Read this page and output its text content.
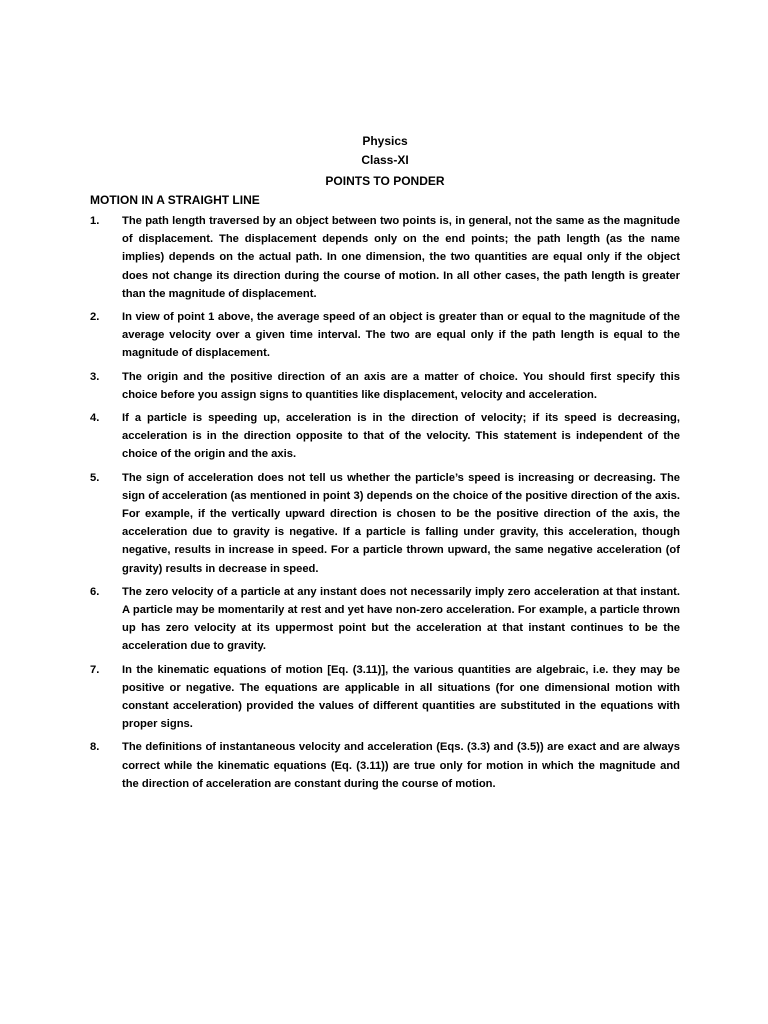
Physics
Class-XI
POINTS TO PONDER
MOTION IN A STRAIGHT LINE
1. The path length traversed by an object between two points is, in general, not the same as the magnitude of displacement. The displacement depends only on the end points; the path length (as the name implies) depends on the actual path. In one dimension, the two quantities are equal only if the object does not change its direction during the course of motion. In all other cases, the path length is greater than the magnitude of displacement.
2. In view of point 1 above, the average speed of an object is greater than or equal to the magnitude of the average velocity over a given time interval. The two are equal only if the path length is equal to the magnitude of displacement.
3. The origin and the positive direction of an axis are a matter of choice. You should first specify this choice before you assign signs to quantities like displacement, velocity and acceleration.
4. If a particle is speeding up, acceleration is in the direction of velocity; if its speed is decreasing, acceleration is in the direction opposite to that of the velocity. This statement is independent of the choice of the origin and the axis.
5. The sign of acceleration does not tell us whether the particle’s speed is increasing or decreasing. The sign of acceleration (as mentioned in point 3) depends on the choice of the positive direction of the axis. For example, if the vertically upward direction is chosen to be the positive direction of the axis, the acceleration due to gravity is negative. If a particle is falling under gravity, this acceleration, though negative, results in increase in speed. For a particle thrown upward, the same negative acceleration (of gravity) results in decrease in speed.
6. The zero velocity of a particle at any instant does not necessarily imply zero acceleration at that instant. A particle may be momentarily at rest and yet have non-zero acceleration. For example, a particle thrown up has zero velocity at its uppermost point but the acceleration at that instant continues to be the acceleration due to gravity.
7. In the kinematic equations of motion [Eq. (3.11)], the various quantities are algebraic, i.e. they may be positive or negative. The equations are applicable in all situations (for one dimensional motion with constant acceleration) provided the values of different quantities are substituted in the equations with proper signs.
8. The definitions of instantaneous velocity and acceleration (Eqs. (3.3) and (3.5)) are exact and are always correct while the kinematic equations (Eq. (3.11)) are true only for motion in which the magnitude and the direction of acceleration are constant during the course of motion.
